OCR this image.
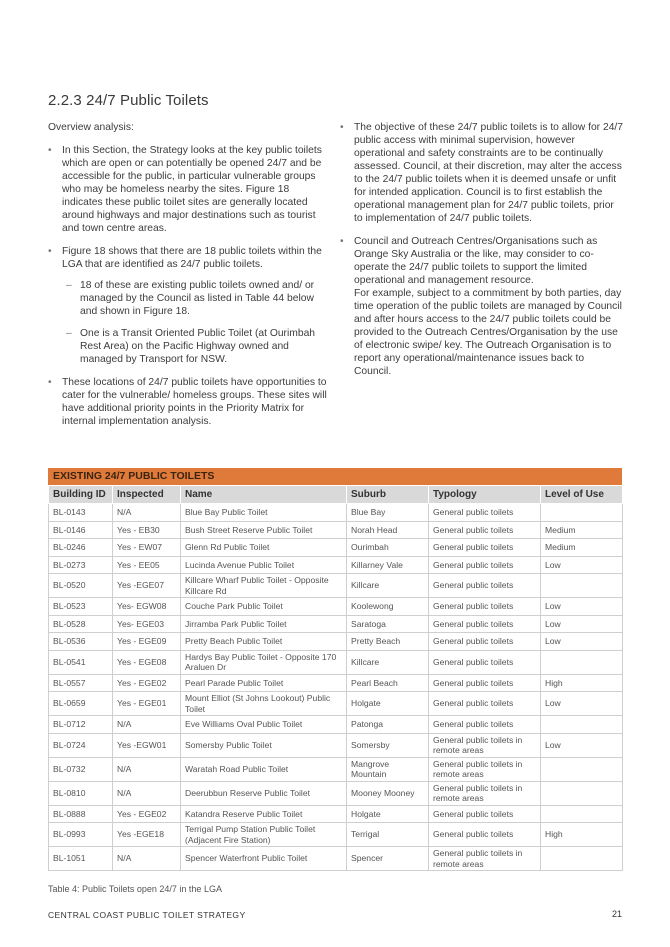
2.2.3 24/7 Public Toilets

Overview analysis:

• In this Section, the Strategy looks at the key public toilets which are open or can potentially be opened 24/7 and be accessible for the public, in particular vulnerable groups who may be homeless nearby the sites. Figure 18 indicates these public toilet sites are generally located around highways and major destinations such as tourist and town centre areas.
• Figure 18 shows that there are 18 public toilets within the LGA that are identified as 24/7 public toilets.
– 18 of these are existing public toilets owned and/ or managed by the Council as listed in Table 44 below and shown in Figure 18.
– One is a Transit Oriented Public Toilet (at Ourimbah Rest Area) on the Pacific Highway owned and managed by Transport for NSW.
• These locations of 24/7 public toilets have opportunities to cater for the vulnerable/ homeless groups. These sites will have additional priority points in the Priority Matrix for internal implementation analysis.
• The objective of these 24/7 public toilets is to allow for 24/7 public access with minimal supervision, however operational and safety constraints are to be continually assessed. Council, at their discretion, may alter the access to the 24/7 public toilets when it is deemed unsafe or unfit for intended application. Council is to first establish the operational management plan for 24/7 public toilets, prior to implementation of 24/7 public toilets.
• Council and Outreach Centres/Organisations such as Orange Sky Australia or the like, may consider to co-operate the 24/7 public toilets to support the limited operational and management resource.
For example, subject to a commitment by both parties, day time operation of the public toilets are managed by Council and after hours access to the 24/7 public toilets could be provided to the Outreach Centres/Organisation by the use of electronic swipe/ key. The Outreach Organisation is to report any operational/maintenance issues back to Council.
EXISTING 24/7 PUBLIC TOILETS
Building ID	Inspected	Name	Suburb	Typology	Level of Use
BL-0143	N/A	Blue Bay Public Toilet	Blue Bay	General public toilets	
BL-0146	Yes - EB30	Bush Street Reserve Public Toilet	Norah Head	General public toilets	Medium
BL-0246	Yes - EW07	Glenn Rd Public Toilet	Ourimbah	General public toilets	Medium
BL-0273	Yes - EE05	Lucinda Avenue Public Toilet	Killarney Vale	General public toilets	Low
BL-0520	Yes -EGE07	Killcare Wharf Public Toilet - Opposite Killcare Rd	Killcare	General public toilets	
BL-0523	Yes- EGW08	Couche Park Public Toilet	Koolewong	General public toilets	Low
BL-0528	Yes- EGE03	Jirramba Park Public Toilet	Saratoga	General public toilets	Low
BL-0536	Yes - EGE09	Pretty Beach Public Toilet	Pretty Beach	General public toilets	Low
BL-0541	Yes - EGE08	Hardys Bay Public Toilet - Opposite 170 Araluen Dr	Killcare	General public toilets	
BL-0557	Yes - EGE02	Pearl Parade Public Toilet	Pearl Beach	General public toilets	High
BL-0659	Yes - EGE01	Mount Elliot (St Johns Lookout) Public Toilet	Holgate	General public toilets	Low
BL-0712	N/A	Eve Williams Oval Public Toilet	Patonga	General public toilets	
BL-0724	Yes -EGW01	Somersby Public Toilet	Somersby	General public toilets in remote areas	Low
BL-0732	N/A	Waratah Road Public Toilet	Mangrove Mountain	General public toilets in remote areas	
BL-0810	N/A	Deerubbun Reserve Public Toilet	Mooney Mooney	General public toilets in remote areas	
BL-0888	Yes - EGE02	Katandra Reserve Public Toilet	Holgate	General public toilets	
BL-0993	Yes -EGE18	Terrigal Pump Station Public Toilet (Adjacent Fire Station)	Terrigal	General public toilets	High
BL-1051	N/A	Spencer Waterfront Public Toilet	Spencer	General public toilets in remote areas	

Table 4: Public Toilets open 24/7 in the LGA

CENTRAL COAST PUBLIC TOILET STRATEGY	21
